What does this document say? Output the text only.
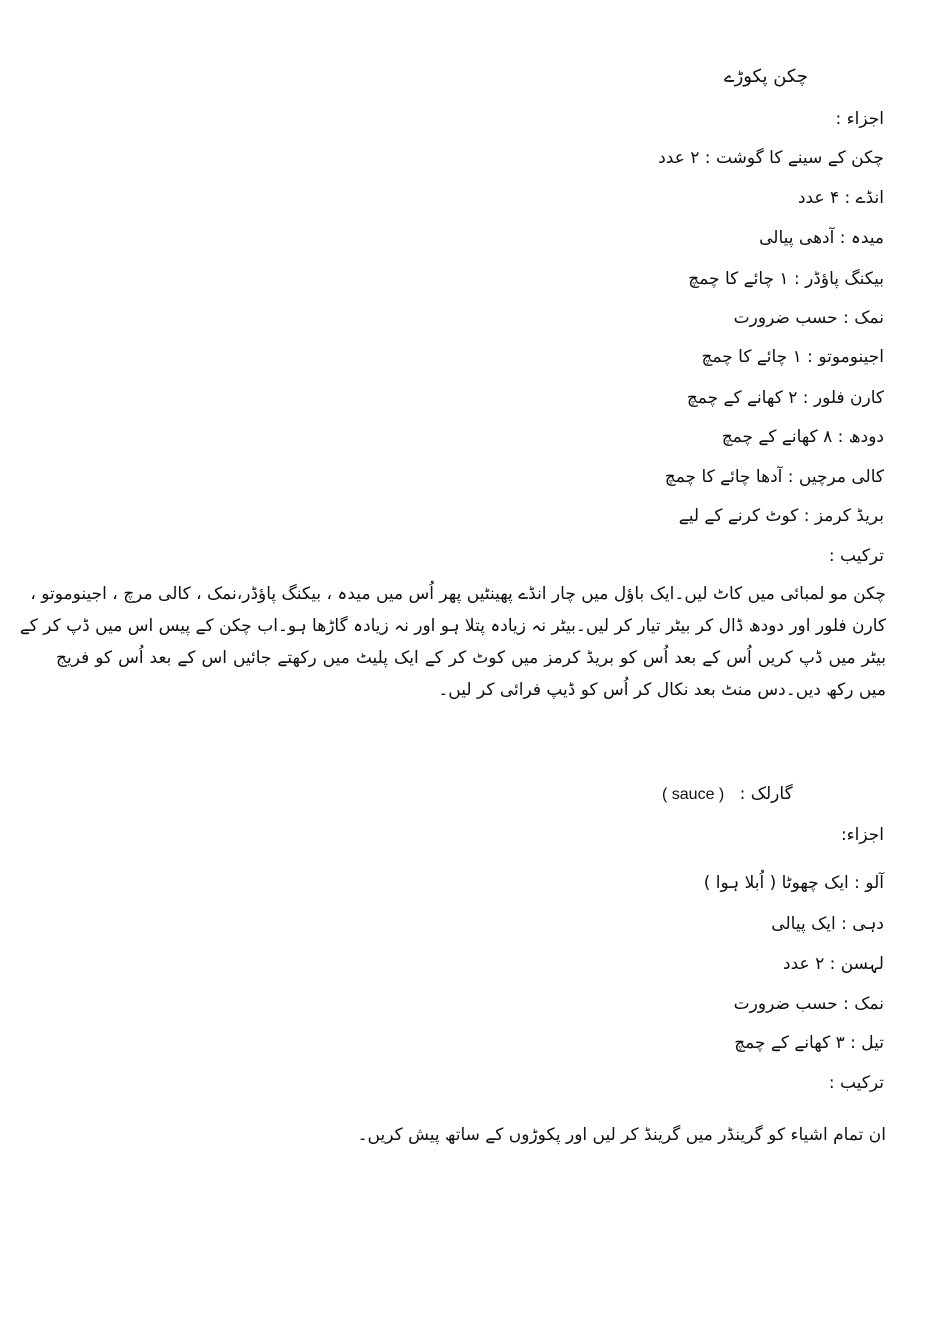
چکن پکوڑے
اجزاء :
چکن کے سینے کا گوشت : ۲ عدد
انڈے : ۴ عدد
میدہ : آدھی پیالی
بیکنگ پاؤڈر : ۱ چائے کا چمچ
نمک : حسب ضرورت
اجینوموتو : ۱ چائے کا چمچ
کارن فلور : ۲ کھانے کے چمچ
دودھ : ۸ کھانے کے چمچ
کالی مرچیں : آدھا چائے کا چمچ
بریڈ کرمز : کوٹ کرنے کے لیے
ترکیب :
چکن مو لمبائی میں کاٹ لیں۔ایک باؤل میں چار انڈے پھینٹیں پھر اُس میں میدہ ، بیکنگ پاؤڈر،نمک ، کالی مرچ ، اجینوموتو ،
کارن فلور اور دودھ ڈال کر بیٹر تیار کر لیں۔بیٹر نہ زیادہ پتلا ہو اور نہ زیادہ گاڑھا ہو۔اب چکن کے پیس اس میں ڈپ کر کے
بیٹر میں ڈپ کریں اُس کے بعد اُس کو بریڈ کرمز میں کوٹ کر کے ایک پلیٹ میں رکھتے جائیں اس کے بعد اُس کو فریج
میں رکھ دیں۔دس منٹ بعد نکال کر اُس کو ڈیپ فرائی کر لیں۔
( sauce ) گارلک :
اجزاء:
آلو : ایک چھوٹا ( اُبلا ہوا )
دہی : ایک پیالی
لہسن : ۲ عدد
نمک : حسب ضرورت
تیل : ۳ کھانے کے چمچ
ترکیب :
ان تمام اشیاء کو گرینڈر میں گرینڈ کر لیں اور پکوڑوں کے ساتھ پیش کریں۔
